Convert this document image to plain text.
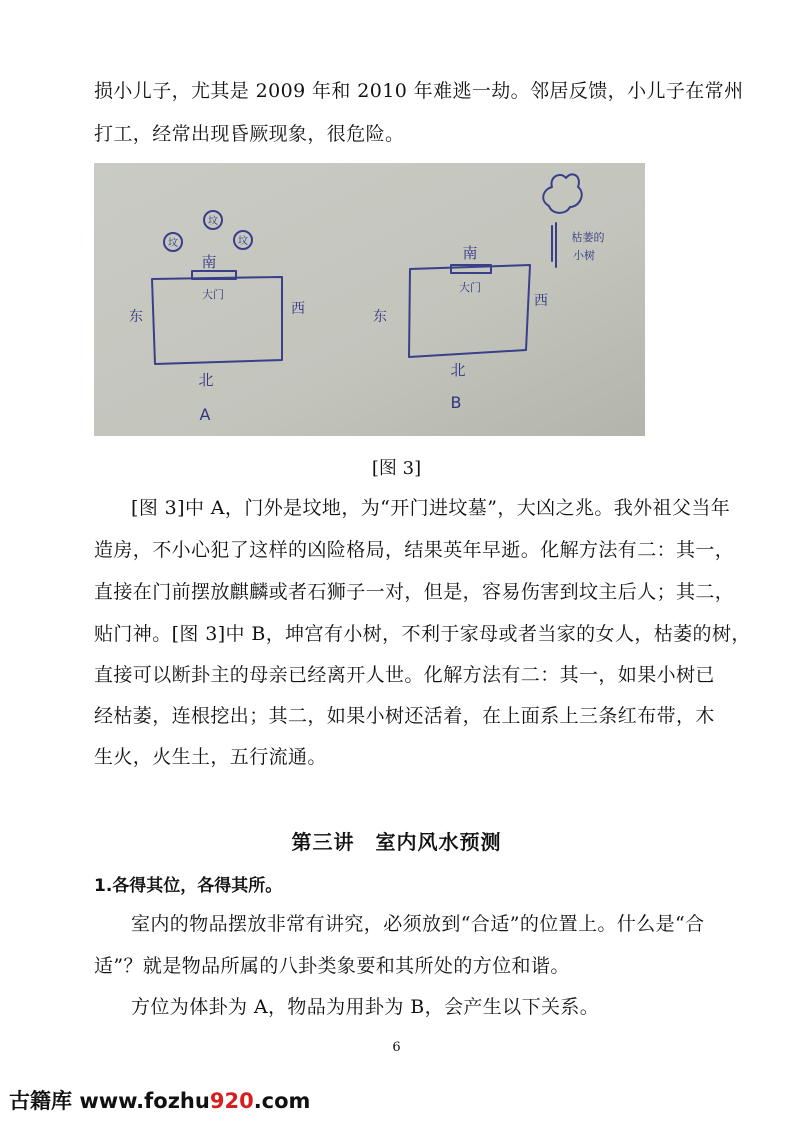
损小儿子，尤其是 2009 年和 2010 年难逃一劫。邻居反馈，小儿子在常州
打工，经常出现昏厥现象，很危险。
坟
坟
坟
南
大门
东	西
北
A
南
大门
东
西
北
B
枯萎的
小树
[图 3]
[图 3]中 A，门外是坟地，为“开门进坟墓”，大凶之兆。我外祖父当年
造房，不小心犯了这样的凶险格局，结果英年早逝。化解方法有二：其一，
直接在门前摆放麒麟或者石狮子一对，但是，容易伤害到坟主后人；其二，
贴门神。[图 3]中 B，坤宫有小树，不利于家母或者当家的女人，枯萎的树，
直接可以断卦主的母亲已经离开人世。化解方法有二：其一，如果小树已
经枯萎，连根挖出；其二，如果小树还活着，在上面系上三条红布带，木
生火，火生土，五行流通。
第三讲　室内风水预测
1.各得其位，各得其所。
室内的物品摆放非常有讲究，必须放到“合适”的位置上。什么是“合
适”？就是物品所属的八卦类象要和其所处的方位和谐。
方位为体卦为 A，物品为用卦为 B，会产生以下关系。
6
古籍库 www.fozhu920.com
